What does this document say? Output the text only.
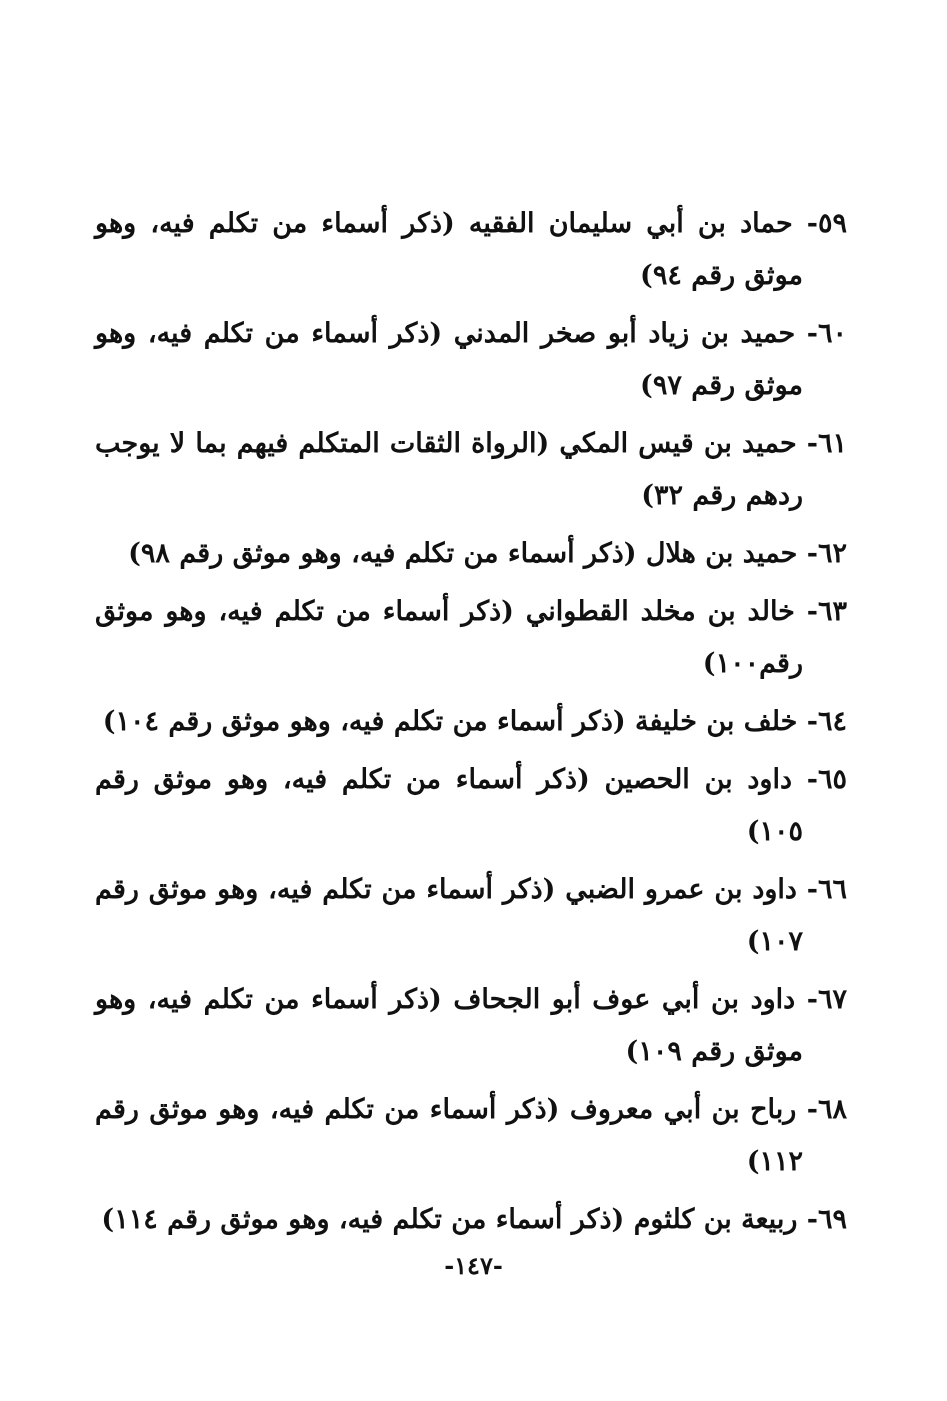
٥٩- حماد بن أبي سليمان الفقيه (ذكر أسماء من تكلم فيه، وهو موثق رقم ٩٤)
٦٠- حميد بن زياد أبو صخر المدني (ذكر أسماء من تكلم فيه، وهو موثق رقم ٩٧)
٦١- حميد بن قيس المكي (الرواة الثقات المتكلم فيهم بما لا يوجب ردهم رقم ٣٢)
٦٢- حميد بن هلال (ذكر أسماء من تكلم فيه، وهو موثق رقم ٩٨)
٦٣- خالد بن مخلد القطواني (ذكر أسماء من تكلم فيه، وهو موثق رقم١٠٠)
٦٤- خلف بن خليفة (ذكر أسماء من تكلم فيه، وهو موثق رقم ١٠٤)
٦٥- داود بن الحصين (ذكر أسماء من تكلم فيه، وهو موثق رقم ١٠٥)
٦٦- داود بن عمرو الضبي (ذكر أسماء من تكلم فيه، وهو موثق رقم ١٠٧)
٦٧- داود بن أبي عوف أبو الجحاف (ذكر أسماء من تكلم فيه، وهو موثق رقم ١٠٩)
٦٨- رباح بن أبي معروف (ذكر أسماء من تكلم فيه، وهو موثق رقم ١١٢)
٦٩- ربيعة بن كلثوم (ذكر أسماء من تكلم فيه، وهو موثق رقم ١١٤)
-١٤٧-
